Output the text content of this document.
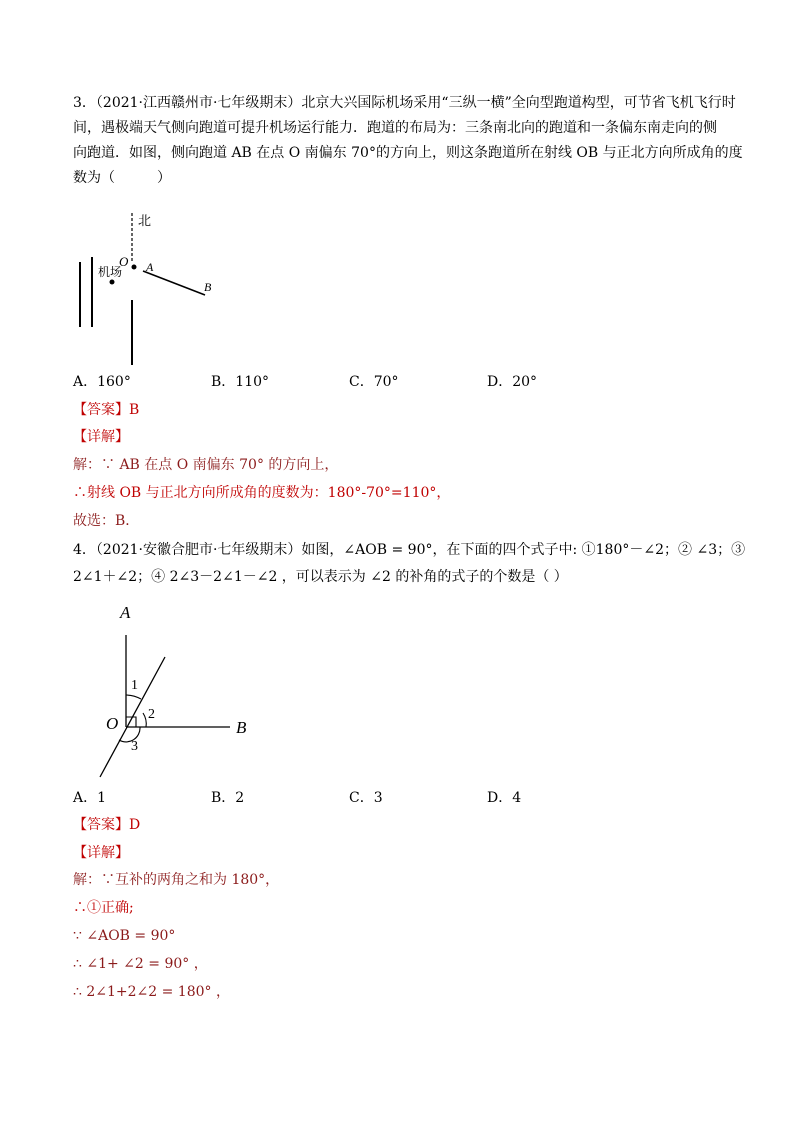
3．（2021·江西赣州市·七年级期末）北京大兴国际机场采用“三纵一横”全向型跑道构型，可节省飞机飞行时
间，遇极端天气侧向跑道可提升机场运行能力．跑道的布局为：三条南北向的跑道和一条偏东南走向的侧
向跑道．如图，侧向跑道 AB 在点 O 南偏东 70°的方向上，则这条跑道所在射线 OB 与正北方向所成角的度
数为（　　　）
北
O A
B
机场
A．160°	B．110°	C．70°	D．20°
【答案】B
【详解】
解：∵ AB 在点 O 南偏东 70° 的方向上，
∴射线 OB 与正北方向所成角的度数为：180°-70°=110°，
故选：B．
4．（2021·安徽合肥市·七年级期末）如图，∠AOB = 90°，在下面的四个式子中: ①180°－∠2；② ∠3；③
2∠1＋∠2；④ 2∠3－2∠1－∠2 ，可以表示为 ∠2 的补角的式子的个数是（ ）
A
B
O
1
2
3
A．1	B．2	C．3	D．4
【答案】D
【详解】
解：∵互补的两角之和为 180°，
∴①正确;
∵ ∠AOB = 90°
∴ ∠1+ ∠2 = 90° ，
∴ 2∠1+2∠2 = 180° ，
